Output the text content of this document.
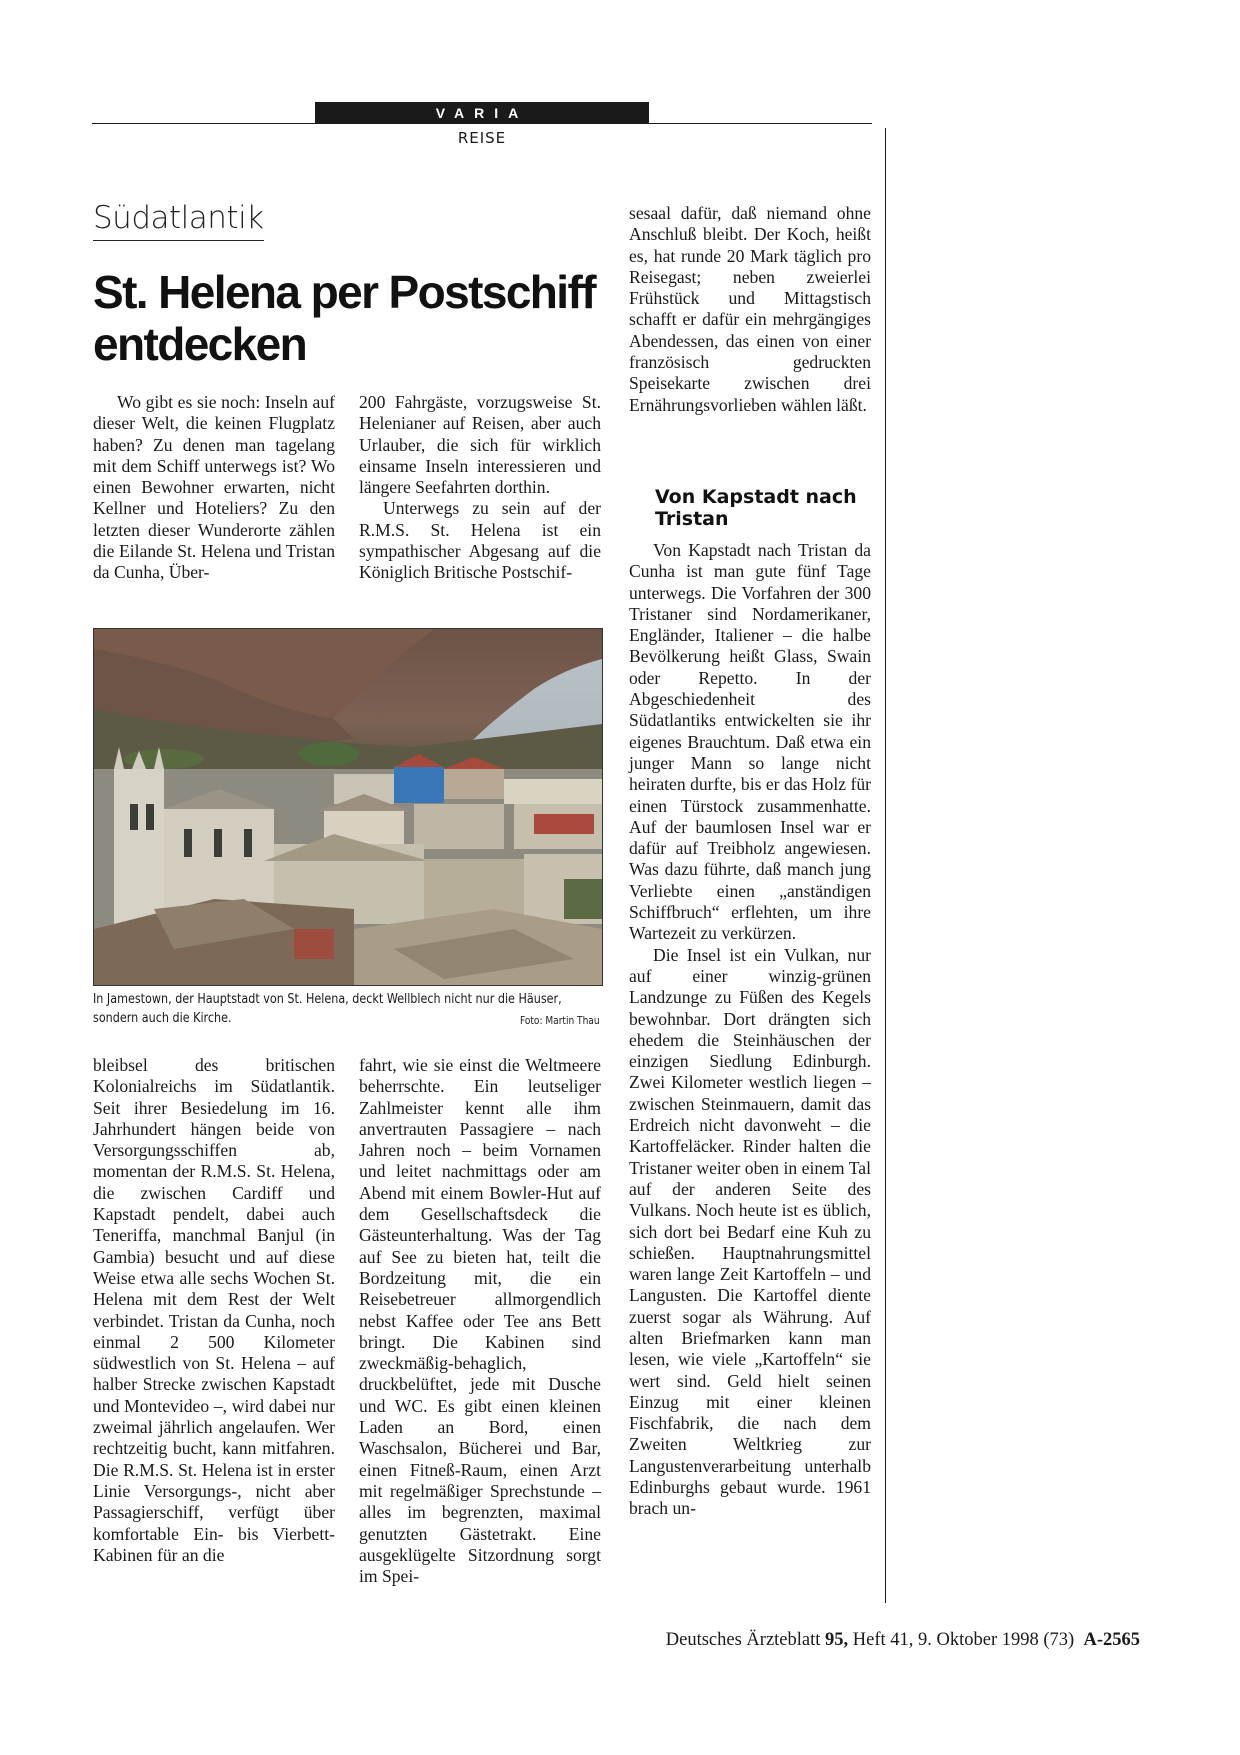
VARIA
REISE
Südatlantik
St. Helena per Postschiff entdecken

Wo gibt es sie noch: Inseln auf dieser Welt, die keinen Flugplatz haben? Zu denen man tagelang mit dem Schiff unterwegs ist? Wo einen Bewohner erwarten, nicht Kellner und Hoteliers? Zu den letzten dieser Wunderorte zählen die Eilande St. Helena und Tristan da Cunha, Über-

200 Fahrgäste, vorzugsweise St. Helenianer auf Reisen, aber auch Urlauber, die sich für wirklich einsame Inseln interessieren und längere Seefahrten dorthin.

Unterwegs zu sein auf der R.M.S. St. Helena ist ein sympathischer Abgesang auf die Königlich Britische Postschif-

In Jamestown, der Hauptstadt von St. Helena, deckt Wellblech nicht nur die Häuser, sondern auch die Kirche.	Foto: Martin Thau

bleibsel des britischen Kolonialreichs im Südatlantik. Seit ihrer Besiedelung im 16. Jahrhundert hängen beide von Versorgungsschiffen ab, momentan der R.M.S. St. Helena, die zwischen Cardiff und Kapstadt pendelt, dabei auch Teneriffa, manchmal Banjul (in Gambia) besucht und auf diese Weise etwa alle sechs Wochen St. Helena mit dem Rest der Welt verbindet. Tristan da Cunha, noch einmal 2 500 Kilometer südwestlich von St. Helena – auf halber Strecke zwischen Kapstadt und Montevideo –, wird dabei nur zweimal jährlich angelaufen. Wer rechtzeitig bucht, kann mitfahren. Die R.M.S. St. Helena ist in erster Linie Versorgungs-, nicht aber Passagierschiff, verfügt über komfortable Ein- bis Vierbett-Kabinen für an die

fahrt, wie sie einst die Weltmeere beherrschte. Ein leutseliger Zahlmeister kennt alle ihm anvertrauten Passagiere – nach Jahren noch – beim Vornamen und leitet nachmittags oder am Abend mit einem Bowler-Hut auf dem Gesellschaftsdeck die Gästeunterhaltung. Was der Tag auf See zu bieten hat, teilt die Bordzeitung mit, die ein Reisebetreuer allmorgendlich nebst Kaffee oder Tee ans Bett bringt. Die Kabinen sind zweckmäßig-behaglich, druckbelüftet, jede mit Dusche und WC. Es gibt einen kleinen Laden an Bord, einen Waschsalon, Bücherei und Bar, einen Fitneß-Raum, einen Arzt mit regelmäßiger Sprechstunde – alles im begrenzten, maximal genutzten Gästetrakt. Eine ausgeklügelte Sitzordnung sorgt im Spei-

sesaal dafür, daß niemand ohne Anschluß bleibt. Der Koch, heißt es, hat runde 20 Mark täglich pro Reisegast; neben zweierlei Frühstück und Mittagstisch schafft er dafür ein mehrgängiges Abendessen, das einen von einer französisch gedruckten Speisekarte zwischen drei Ernährungsvorlieben wählen läßt.

Von Kapstadt nach Tristan

Von Kapstadt nach Tristan da Cunha ist man gute fünf Tage unterwegs. Die Vorfahren der 300 Tristaner sind Nordamerikaner, Engländer, Italiener – die halbe Bevölkerung heißt Glass, Swain oder Repetto. In der Abgeschiedenheit des Südatlantiks entwickelten sie ihr eigenes Brauchtum. Daß etwa ein junger Mann so lange nicht heiraten durfte, bis er das Holz für einen Türstock zusammenhatte. Auf der baumlosen Insel war er dafür auf Treibholz angewiesen. Was dazu führte, daß manch jung Verliebte einen „anständigen Schiffbruch“ erflehten, um ihre Wartezeit zu verkürzen.

Die Insel ist ein Vulkan, nur auf einer winzig-grünen Landzunge zu Füßen des Kegels bewohnbar. Dort drängten sich ehedem die Steinhäuschen der einzigen Siedlung Edinburgh. Zwei Kilometer westlich liegen – zwischen Steinmauern, damit das Erdreich nicht davonweht – die Kartoffeläcker. Rinder halten die Tristaner weiter oben in einem Tal auf der anderen Seite des Vulkans. Noch heute ist es üblich, sich dort bei Bedarf eine Kuh zu schießen. Hauptnahrungsmittel waren lange Zeit Kartoffeln – und Langusten. Die Kartoffel diente zuerst sogar als Währung. Auf alten Briefmarken kann man lesen, wie viele „Kartoffeln“ sie wert sind. Geld hielt seinen Einzug mit einer kleinen Fischfabrik, die nach dem Zweiten Weltkrieg zur Langustenverarbeitung unterhalb Edinburghs gebaut wurde. 1961 brach un-

Deutsches Ärzteblatt 95, Heft 41, 9. Oktober 1998 (73) A-2565
